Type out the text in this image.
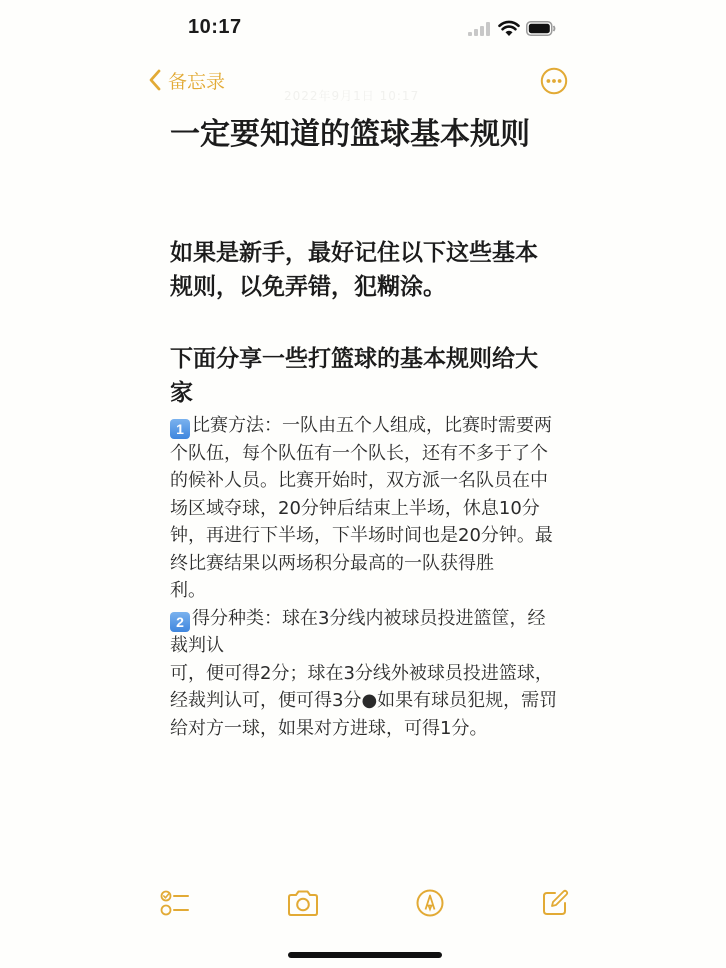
10:17
备忘录
2022年9月1日 10:17
一定要知道的篮球基本规则
如果是新手，最好记住以下这些基本规则，以免弄错，犯糊涂。
下面分享一些打篮球的基本规则给大家

1 比赛方法：一队由五个人组成，比赛时需要两个队伍，每个队伍有一个队长，还有不多于了个的候补人员。比赛开始时，双方派一名队员在中场区域夺球，20分钟后结束上半场，休息10分钟，再进行下半场，下半场时间也是20分钟。最终比赛结果以两场积分最高的一队获得胜

利。

2 得分种类：球在3分线内被球员投进篮筐，经裁判认

可，便可得2分；球在3分线外被球员投进篮球，经裁判认可，便可得3分●如果有球员犯规，需罚给对方一球，如果对方进球，可得1分。
